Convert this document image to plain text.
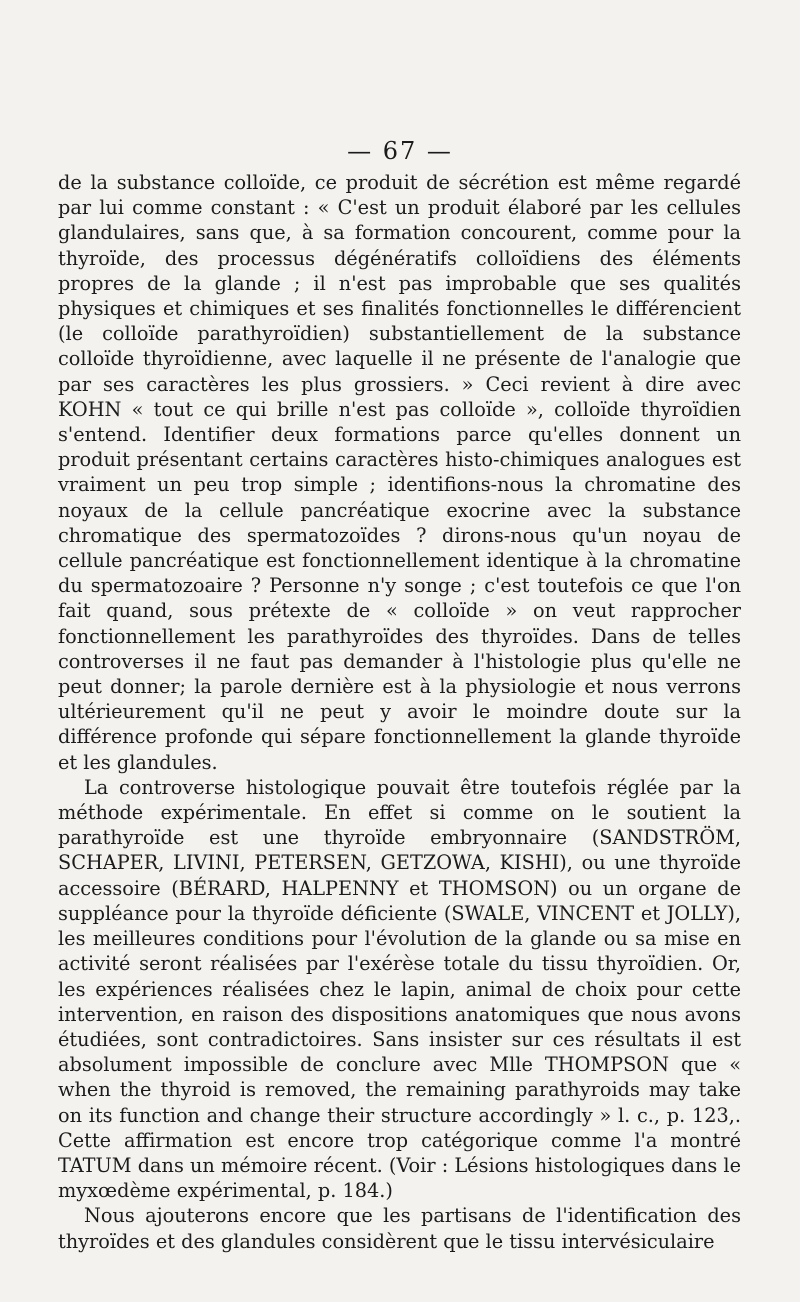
— 67 —

de la substance colloïde, ce produit de sécrétion est même regardé par lui comme constant : « C'est un produit élaboré par les cellules glandulaires, sans que, à sa formation concourent, comme pour la thyroïde, des processus dégénératifs colloïdiens des éléments propres de la glande ; il n'est pas improbable que ses qualités physiques et chimiques et ses finalités fonctionnelles le différencient (le colloïde parathyroïdien) substantiellement de la substance colloïde thyroïdienne, avec laquelle il ne présente de l'analogie que par ses caractères les plus grossiers. » Ceci revient à dire avec KOHN « tout ce qui brille n'est pas colloïde », colloïde thyroïdien s'entend. Identifier deux formations parce qu'elles donnent un produit présentant certains caractères histo-chimiques analogues est vraiment un peu trop simple ; identifions-nous la chromatine des noyaux de la cellule pancréatique exocrine avec la substance chromatique des spermatozoïdes ? dirons-nous qu'un noyau de cellule pancréatique est fonctionnellement identique à la chromatine du spermatozoaire ? Personne n'y songe ; c'est toutefois ce que l'on fait quand, sous prétexte de « colloïde » on veut rapprocher fonctionnellement les parathyroïdes des thyroïdes. Dans de telles controverses il ne faut pas demander à l'histologie plus qu'elle ne peut donner; la parole dernière est à la physiologie et nous verrons ultérieurement qu'il ne peut y avoir le moindre doute sur la différence profonde qui sépare fonctionnellement la glande thyroïde et les glandules.

La controverse histologique pouvait être toutefois réglée par la méthode expérimentale. En effet si comme on le soutient la parathyroïde est une thyroïde embryonnaire (SANDSTRÖM, SCHAPER, LIVINI, PETERSEN, GETZOWA, KISHI), ou une thyroïde accessoire (BÉRARD, HALPENNY et THOMSON) ou un organe de suppléance pour la thyroïde déficiente (SWALE, VINCENT et JOLLY), les meilleures conditions pour l'évolution de la glande ou sa mise en activité seront réalisées par l'exérèse totale du tissu thyroïdien. Or, les expériences réalisées chez le lapin, animal de choix pour cette intervention, en raison des dispositions anatomiques que nous avons étudiées, sont contradictoires. Sans insister sur ces résultats il est absolument impossible de conclure avec Mlle THOMPSON que « when the thyroid is removed, the remaining parathyroids may take on its function and change their structure accordingly » l. c., p. 123,. Cette affirmation est encore trop catégorique comme l'a montré TATUM dans un mémoire récent. (Voir : Lésions histologiques dans le myxœdème expérimental, p. 184.)

Nous ajouterons encore que les partisans de l'identification des thyroïdes et des glandules considèrent que le tissu intervésiculaire
